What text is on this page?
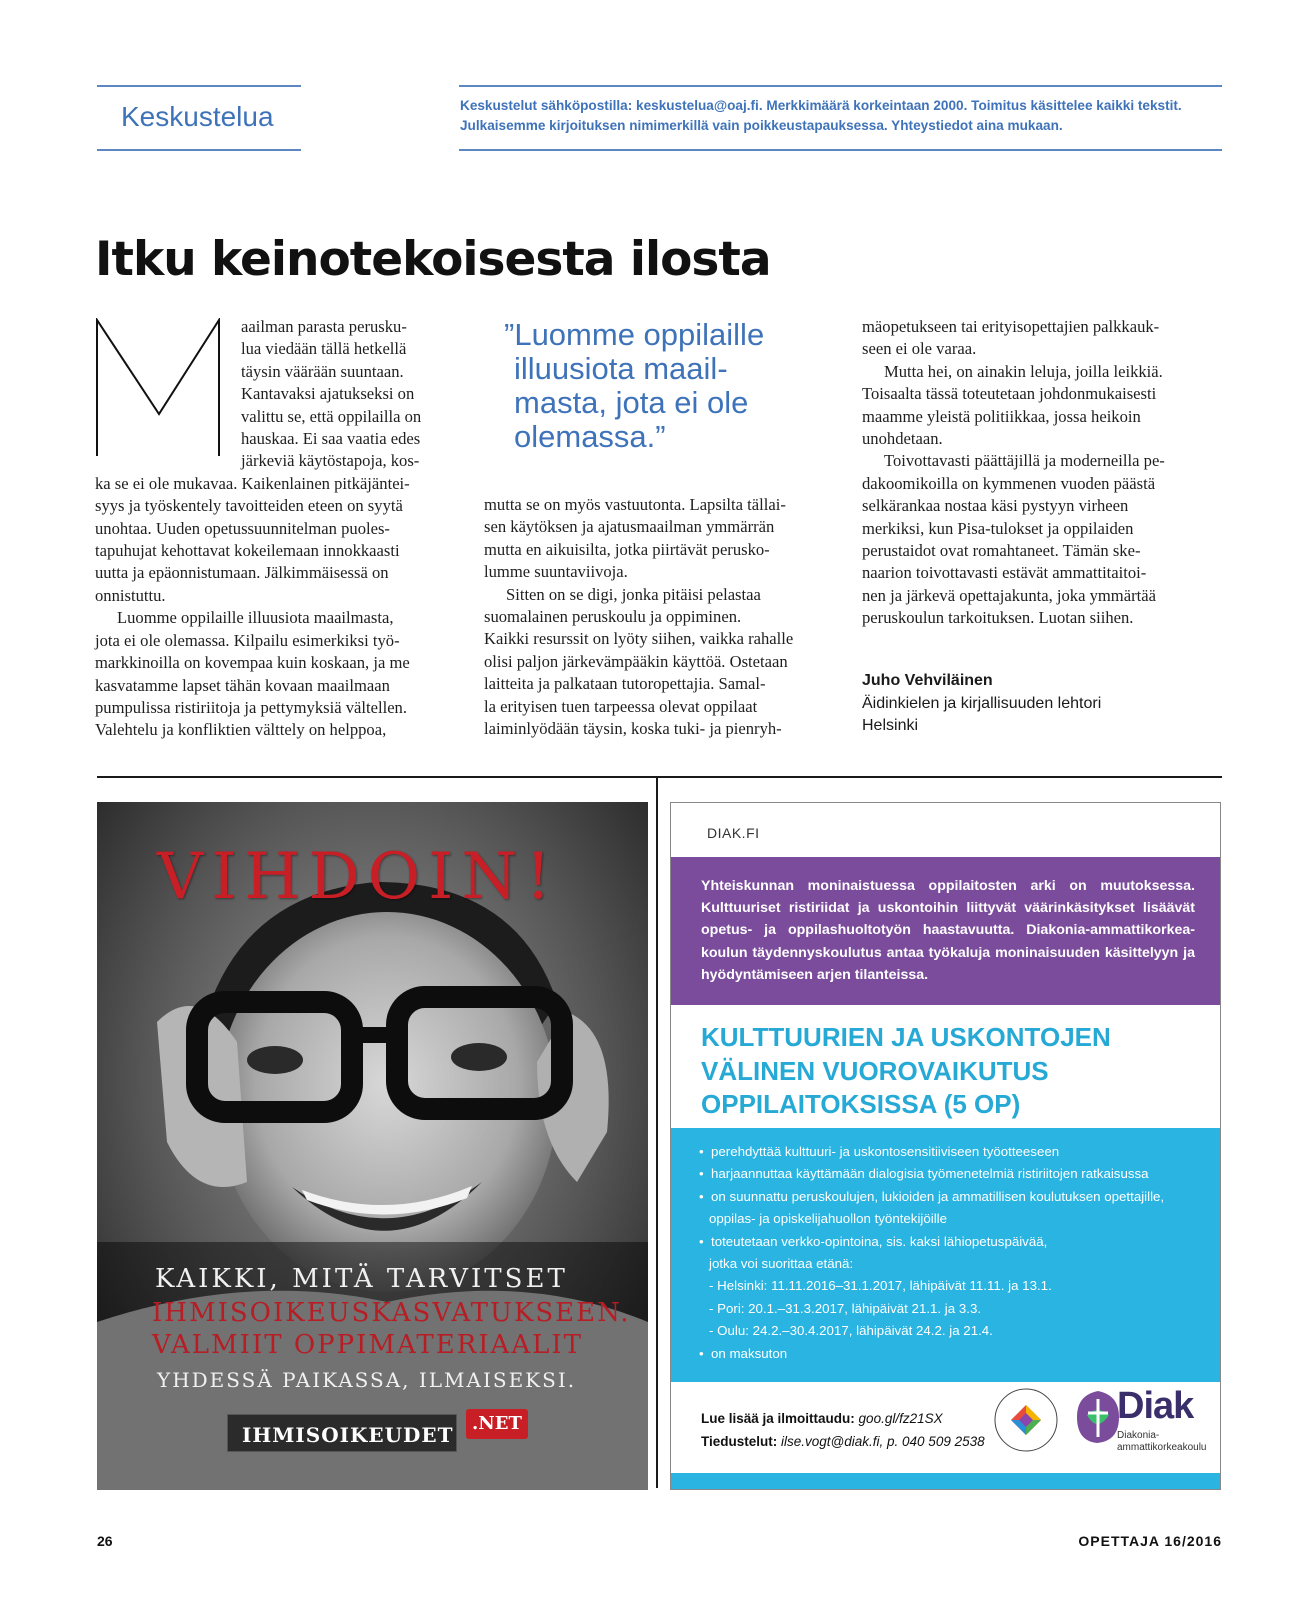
Keskustelua	Keskustelut sähköpostilla: keskustelua@oaj.fi. Merkkimäärä korkeintaan 2000. Toimitus käsittelee kaikki tekstit. Julkaisemme kirjoituksen nimimerkillä vain poikkeustapauksessa. Yhteystiedot aina mukaan.
Itku keinotekoisesta ilosta
aailman parasta perusku-
lua viedään tällä hetkellä
täysin väärään suuntaan.
Kantavaksi ajatukseksi on
valittu se, että oppilailla on
hauskaa. Ei saa vaatia edes
järkeviä käytöstapoja, kos-
ka se ei ole mukavaa. Kaikenlainen pitkäjäntei-
syys ja työskentely tavoitteiden eteen on syytä
unohtaa. Uuden opetussuunnitelman puoles-
tapuhujat kehottavat kokeilemaan innokkaasti
uutta ja epäonnistumaan. Jälkimmäisessä on
onnistuttu.
Luomme oppilaille illuusiota maailmasta,
jota ei ole olemassa. Kilpailu esimerkiksi työ-
markkinoilla on kovempaa kuin koskaan, ja me
kasvatamme lapset tähän kovaan maailmaan
pumpulissa ristiriitoja ja pettymyksiä vältellen.
Valehtelu ja konfliktien välttely on helppoa,
”Luomme oppilaille
illuusiota maail-
masta, jota ei ole
olemassa.”
mutta se on myös vastuutonta. Lapsilta tällai-
sen käytöksen ja ajatusmaailman ymmärrän
mutta en aikuisilta, jotka piirtävät perusko-
lumme suuntaviivoja.
Sitten on se digi, jonka pitäisi pelastaa
suomalainen peruskoulu ja oppiminen.
Kaikki resurssit on lyöty siihen, vaikka rahalle
olisi paljon järkevämpääkin käyttöä. Ostetaan
laitteita ja palkataan tutoropettajia. Samal-
la erityisen tuen tarpeessa olevat oppilaat
laiminlyödään täysin, koska tuki- ja pienryh-
mäopetukseen tai erityisopettajien palkkauk-
seen ei ole varaa.
Mutta hei, on ainakin leluja, joilla leikkiä.
Toisaalta tässä toteutetaan johdonmukaisesti
maamme yleistä politiikkaa, jossa heikoin
unohdetaan.
Toivottavasti päättäjillä ja moderneilla pe-
dakoomikoilla on kymmenen vuoden päästä
selkärankaa nostaa käsi pystyyn virheen
merkiksi, kun Pisa-tulokset ja oppilaiden
perustaidot ovat romahtaneet. Tämän ske-
naarion toivottavasti estävät ammattitaitoi-
nen ja järkevä opettajakunta, joka ymmärtää
peruskoulun tarkoituksen. Luotan siihen.
Juho Vehviläinen
Äidinkielen ja kirjallisuuden lehtori
Helsinki
VIHDOIN!
KAIKKI, MITÄ TARVITSET
IHMISOIKEUSKASVATUKSEEN.
VALMIIT OPPIMATERIAALIT
YHDESSÄ PAIKASSA, ILMAISEKSI.
IHMISOIKEUDET .NET
DIAK.FI
Yhteiskunnan moninaistuessa oppilaitosten arki on muutoksessa. Kulttuuriset ristiriidat ja uskontoihin liittyvät väärinkäsitykset lisäävät opetus- ja oppilashuoltotyön haastavuutta. Diakonia-ammattikorkeakoulun täydennyskoulutus antaa työkaluja moninaisuuden käsittelyyn ja hyödyntämiseen arjen tilanteissa.
KULTTUURIEN JA USKONTOJEN VÄLINEN VUOROVAIKUTUS OPPILAITOKSISSA (5 OP)
• perehdyttää kulttuuri- ja uskontosensitiiviseen työotteeseen
• harjaannuttaa käyttämään dialogisia työmenetelmiä ristiriitojen ratkaisussa
• on suunnattu peruskoulujen, lukioiden ja ammatillisen koulutuksen opettajille,
oppilas- ja opiskelijahuollon työntekijöille
• toteutetaan verkko-opintoina, sis. kaksi lähiopetuspäivää,
jotka voi suorittaa etänä:
- Helsinki: 11.11.2016–31.1.2017, lähipäivät 11.11. ja 13.1.
- Pori: 20.1.–31.3.2017, lähipäivät 21.1. ja 3.3.
- Oulu: 24.2.–30.4.2017, lähipäivät 24.2. ja 21.4.
• on maksuton
Lue lisää ja ilmoittaudu: goo.gl/fz21SX
Tiedustelut: ilse.vogt@diak.fi, p. 040 509 2538
Diak
Diakonia-
ammattikorkeakoulu
26	OPETTAJA 16/2016
